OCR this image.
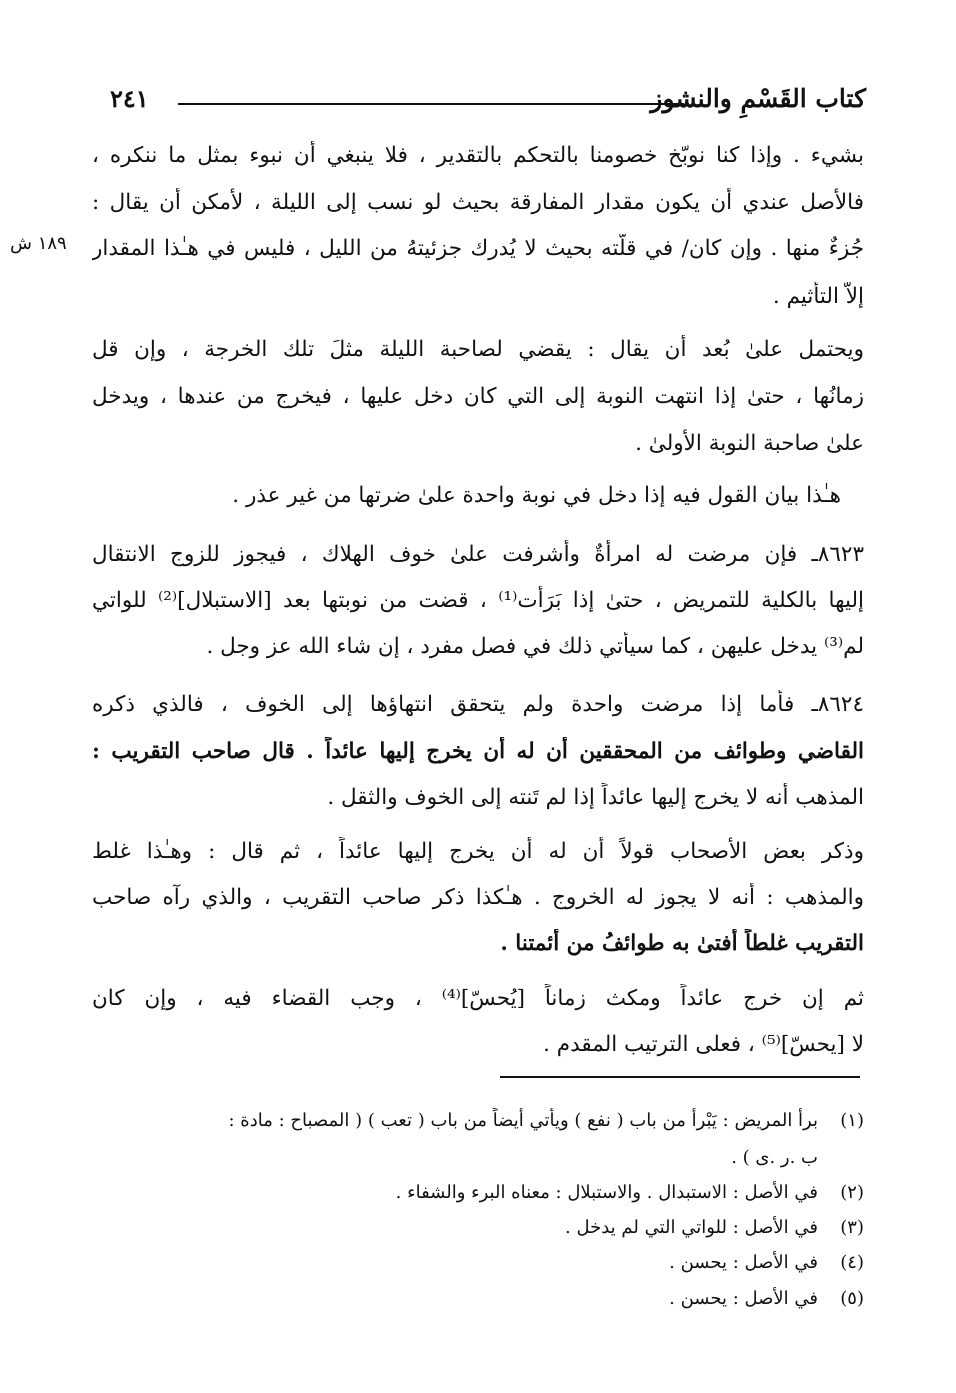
كتاب القَسْمِ والنشوز
٢٤١
١٨٩ ش
بشيء . وإذا كنا نوبّخ خصومنا بالتحكم بالتقدير ، فلا ينبغي أن نبوء بمثل ما ننكره ،
فالأصل عندي أن يكون مقدار المفارقة بحيث لو نسب إلى الليلة ، لأمكن أن يقال :
جُزءٌ منها . وإن كان/ في قلّته بحيث لا يُدرك جزئيتهُ من الليل ، فليس في هـٰذا المقدار
إلاّ التأثيم .
ويحتمل علىٰ بُعد أن يقال : يقضي لصاحبة الليلة مثلَ تلك الخرجة ، وإن قل
زمانُها ، حتىٰ إذا انتهت النوبة إلى التي كان دخل عليها ، فيخرج من عندها ، ويدخل
علىٰ صاحبة النوبة الأولىٰ .
هـٰذا بيان القول فيه إذا دخل في نوبة واحدة علىٰ ضرتها من غير عذر .
٨٦٢٣ـ فإن مرضت له امرأةٌ وأشرفت علىٰ خوف الهلاك ، فيجوز للزوج الانتقال
إليها بالكلية للتمريض ، حتىٰ إذا بَرَأَت⁽¹⁾ ، قضت من نوبتها بعد [الاستبلال]⁽²⁾ للواتي
لم⁽³⁾ يدخل عليهن ، كما سيأتي ذلك في فصل مفرد ، إن شاء الله عز وجل .
٨٦٢٤ـ فأما إذا مرضت واحدة ولم يتحقق انتهاؤها إلى الخوف ، فالذي ذكره
القاضي وطوائف من المحققين أن له أن يخرج إليها عائداً . قال صاحب التقريب :
المذهب أنه لا يخرج إليها عائداً إذا لم تَنته إلى الخوف والثقل .
وذكر بعض الأصحاب قولاً أن له أن يخرج إليها عائداً ، ثم قال : وهـٰذا غلط
والمذهب : أنه لا يجوز له الخروج . هـٰكذا ذكر صاحب التقريب ، والذي رآه صاحب
التقريب غلطاً أفتىٰ به طوائفُ من أئمتنا .
ثم إن خرج عائداً ومكث زماناً [يُحسّ]⁽⁴⁾ ، وجب القضاء فيه ، وإن كان
لا [يحسّ]⁽⁵⁾ ، فعلى الترتيب المقدم .
(١)برأ المريض : يَبْرأ من باب ( نفع ) ويأتي أيضاً من باب ( تعب ) ( المصباح : مادة :
ب .ر .ى ) .
(٢)في الأصل : الاستبدال . والاستبلال : معناه البرء والشفاء .
(٣)في الأصل : للواتي التي لم يدخل .
(٤)في الأصل : يحسن .
(٥)في الأصل : يحسن .
